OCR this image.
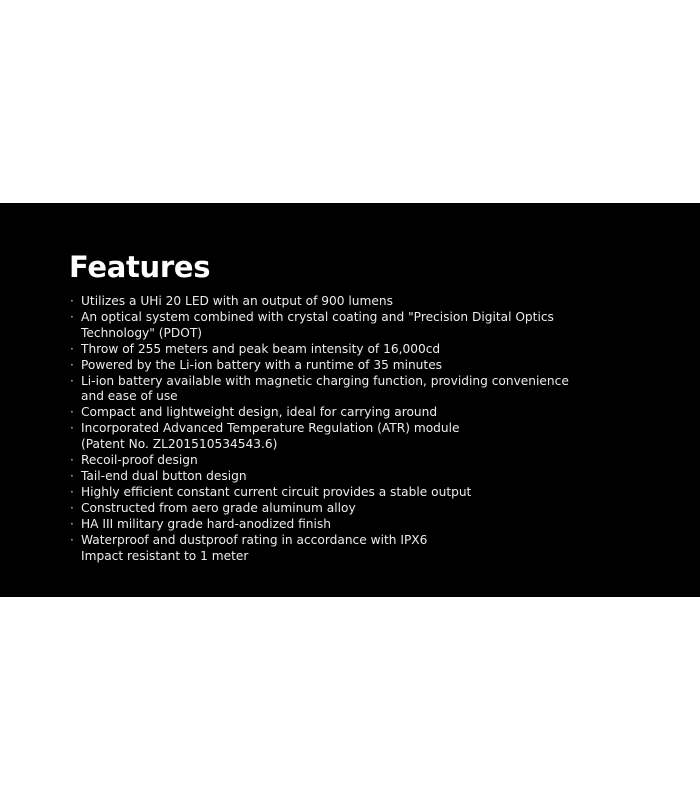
Features
· Utilizes a UHi 20 LED with an output of 900 lumens
· An optical system combined with crystal coating and "Precision Digital Optics
Technology" (PDOT)
· Throw of 255 meters and peak beam intensity of 16,000cd
· Powered by the Li-ion battery with a runtime of 35 minutes
· Li-ion battery available with magnetic charging function, providing convenience
and ease of use
· Compact and lightweight design, ideal for carrying around
· Incorporated Advanced Temperature Regulation (ATR) module
(Patent No. ZL201510534543.6)
· Recoil-proof design
· Tail-end dual button design
· Highly efficient constant current circuit provides a stable output
· Constructed from aero grade aluminum alloy
· HA III military grade hard-anodized finish
· Waterproof and dustproof rating in accordance with IPX6
Impact resistant to 1 meter
